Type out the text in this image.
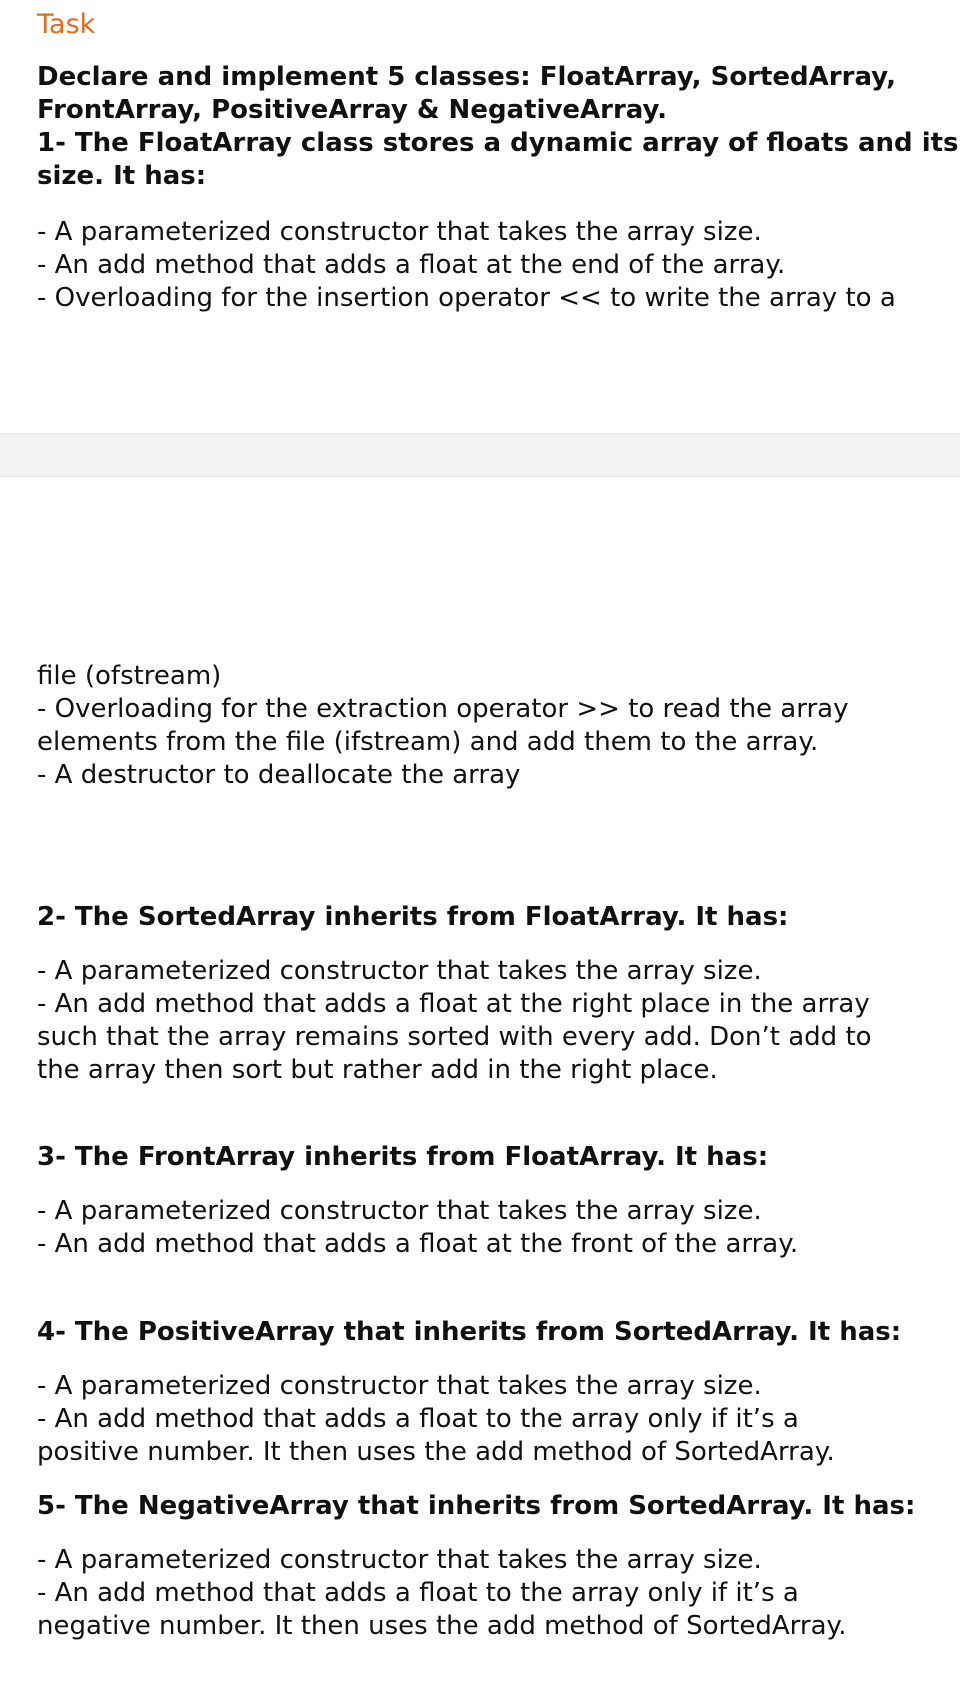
Task
Declare and implement 5 classes: FloatArray, SortedArray,
FrontArray, PositiveArray & NegativeArray.
1- The FloatArray class stores a dynamic array of floats and its
size. It has:
- A parameterized constructor that takes the array size.
- An add method that adds a float at the end of the array.
- Overloading for the insertion operator << to write the array to a
file (ofstream)
- Overloading for the extraction operator >> to read the array
elements from the file (ifstream) and add them to the array.
- A destructor to deallocate the array
2- The SortedArray inherits from FloatArray. It has:
- A parameterized constructor that takes the array size.
- An add method that adds a float at the right place in the array
such that the array remains sorted with every add. Don’t add to
the array then sort but rather add in the right place.
3- The FrontArray inherits from FloatArray. It has:
- A parameterized constructor that takes the array size.
- An add method that adds a float at the front of the array.
4- The PositiveArray that inherits from SortedArray. It has:
- A parameterized constructor that takes the array size.
- An add method that adds a float to the array only if it’s a
positive number. It then uses the add method of SortedArray.
5- The NegativeArray that inherits from SortedArray. It has:
- A parameterized constructor that takes the array size.
- An add method that adds a float to the array only if it’s a
negative number. It then uses the add method of SortedArray.
